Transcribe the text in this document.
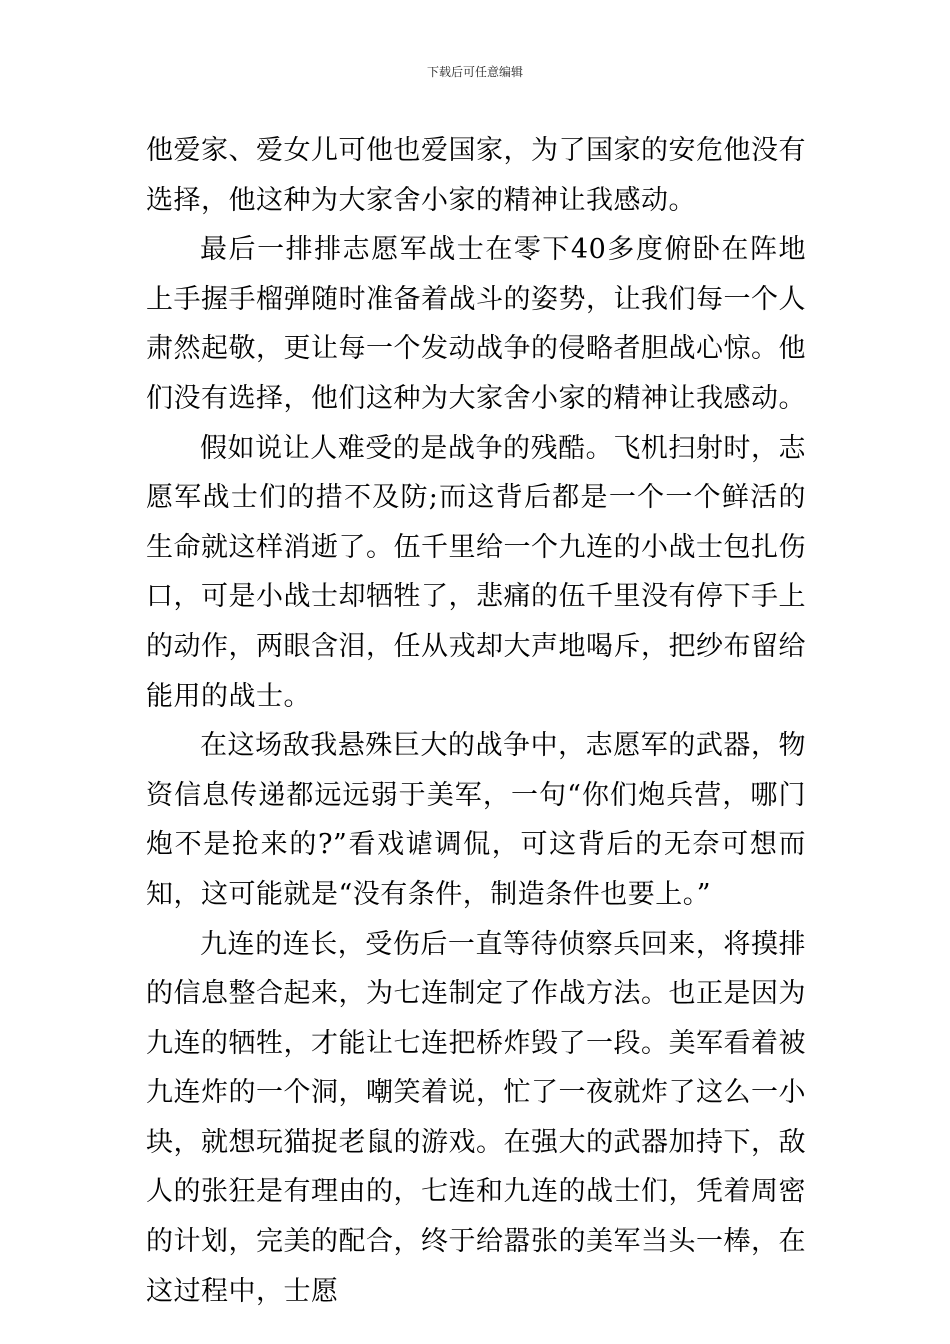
下载后可任意编辑

他爱家、爱女儿可他也爱国家，为了国家的安危他没有选择，他这种为大家舍小家的精神让我感动。

最后一排排志愿军战士在零下40多度俯卧在阵地上手握手榴弹随时准备着战斗的姿势，让我们每一个人肃然起敬，更让每一个发动战争的侵略者胆战心惊。他们没有选择，他们这种为大家舍小家的精神让我感动。

假如说让人难受的是战争的残酷。飞机扫射时，志愿军战士们的措不及防;而这背后都是一个一个鲜活的生命就这样消逝了。伍千里给一个九连的小战士包扎伤口，可是小战士却牺牲了，悲痛的伍千里没有停下手上的动作，两眼含泪，任从戎却大声地喝斥，把纱布留给能用的战士。

在这场敌我悬殊巨大的战争中，志愿军的武器，物资信息传递都远远弱于美军，一句“你们炮兵营，哪门炮不是抢来的?”看戏谑调侃，可这背后的无奈可想而知，这可能就是“没有条件，制造条件也要上。”

九连的连长，受伤后一直等待侦察兵回来，将摸排的信息整合起来，为七连制定了作战方法。也正是因为九连的牺牲，才能让七连把桥炸毁了一段。美军看着被九连炸的一个洞，嘲笑着说，忙了一夜就炸了这么一小块，就想玩猫捉老鼠的游戏。在强大的武器加持下，敌人的张狂是有理由的，七连和九连的战士们，凭着周密的计划，完美的配合，终于给嚣张的美军当头一棒，在这过程中，士愿
